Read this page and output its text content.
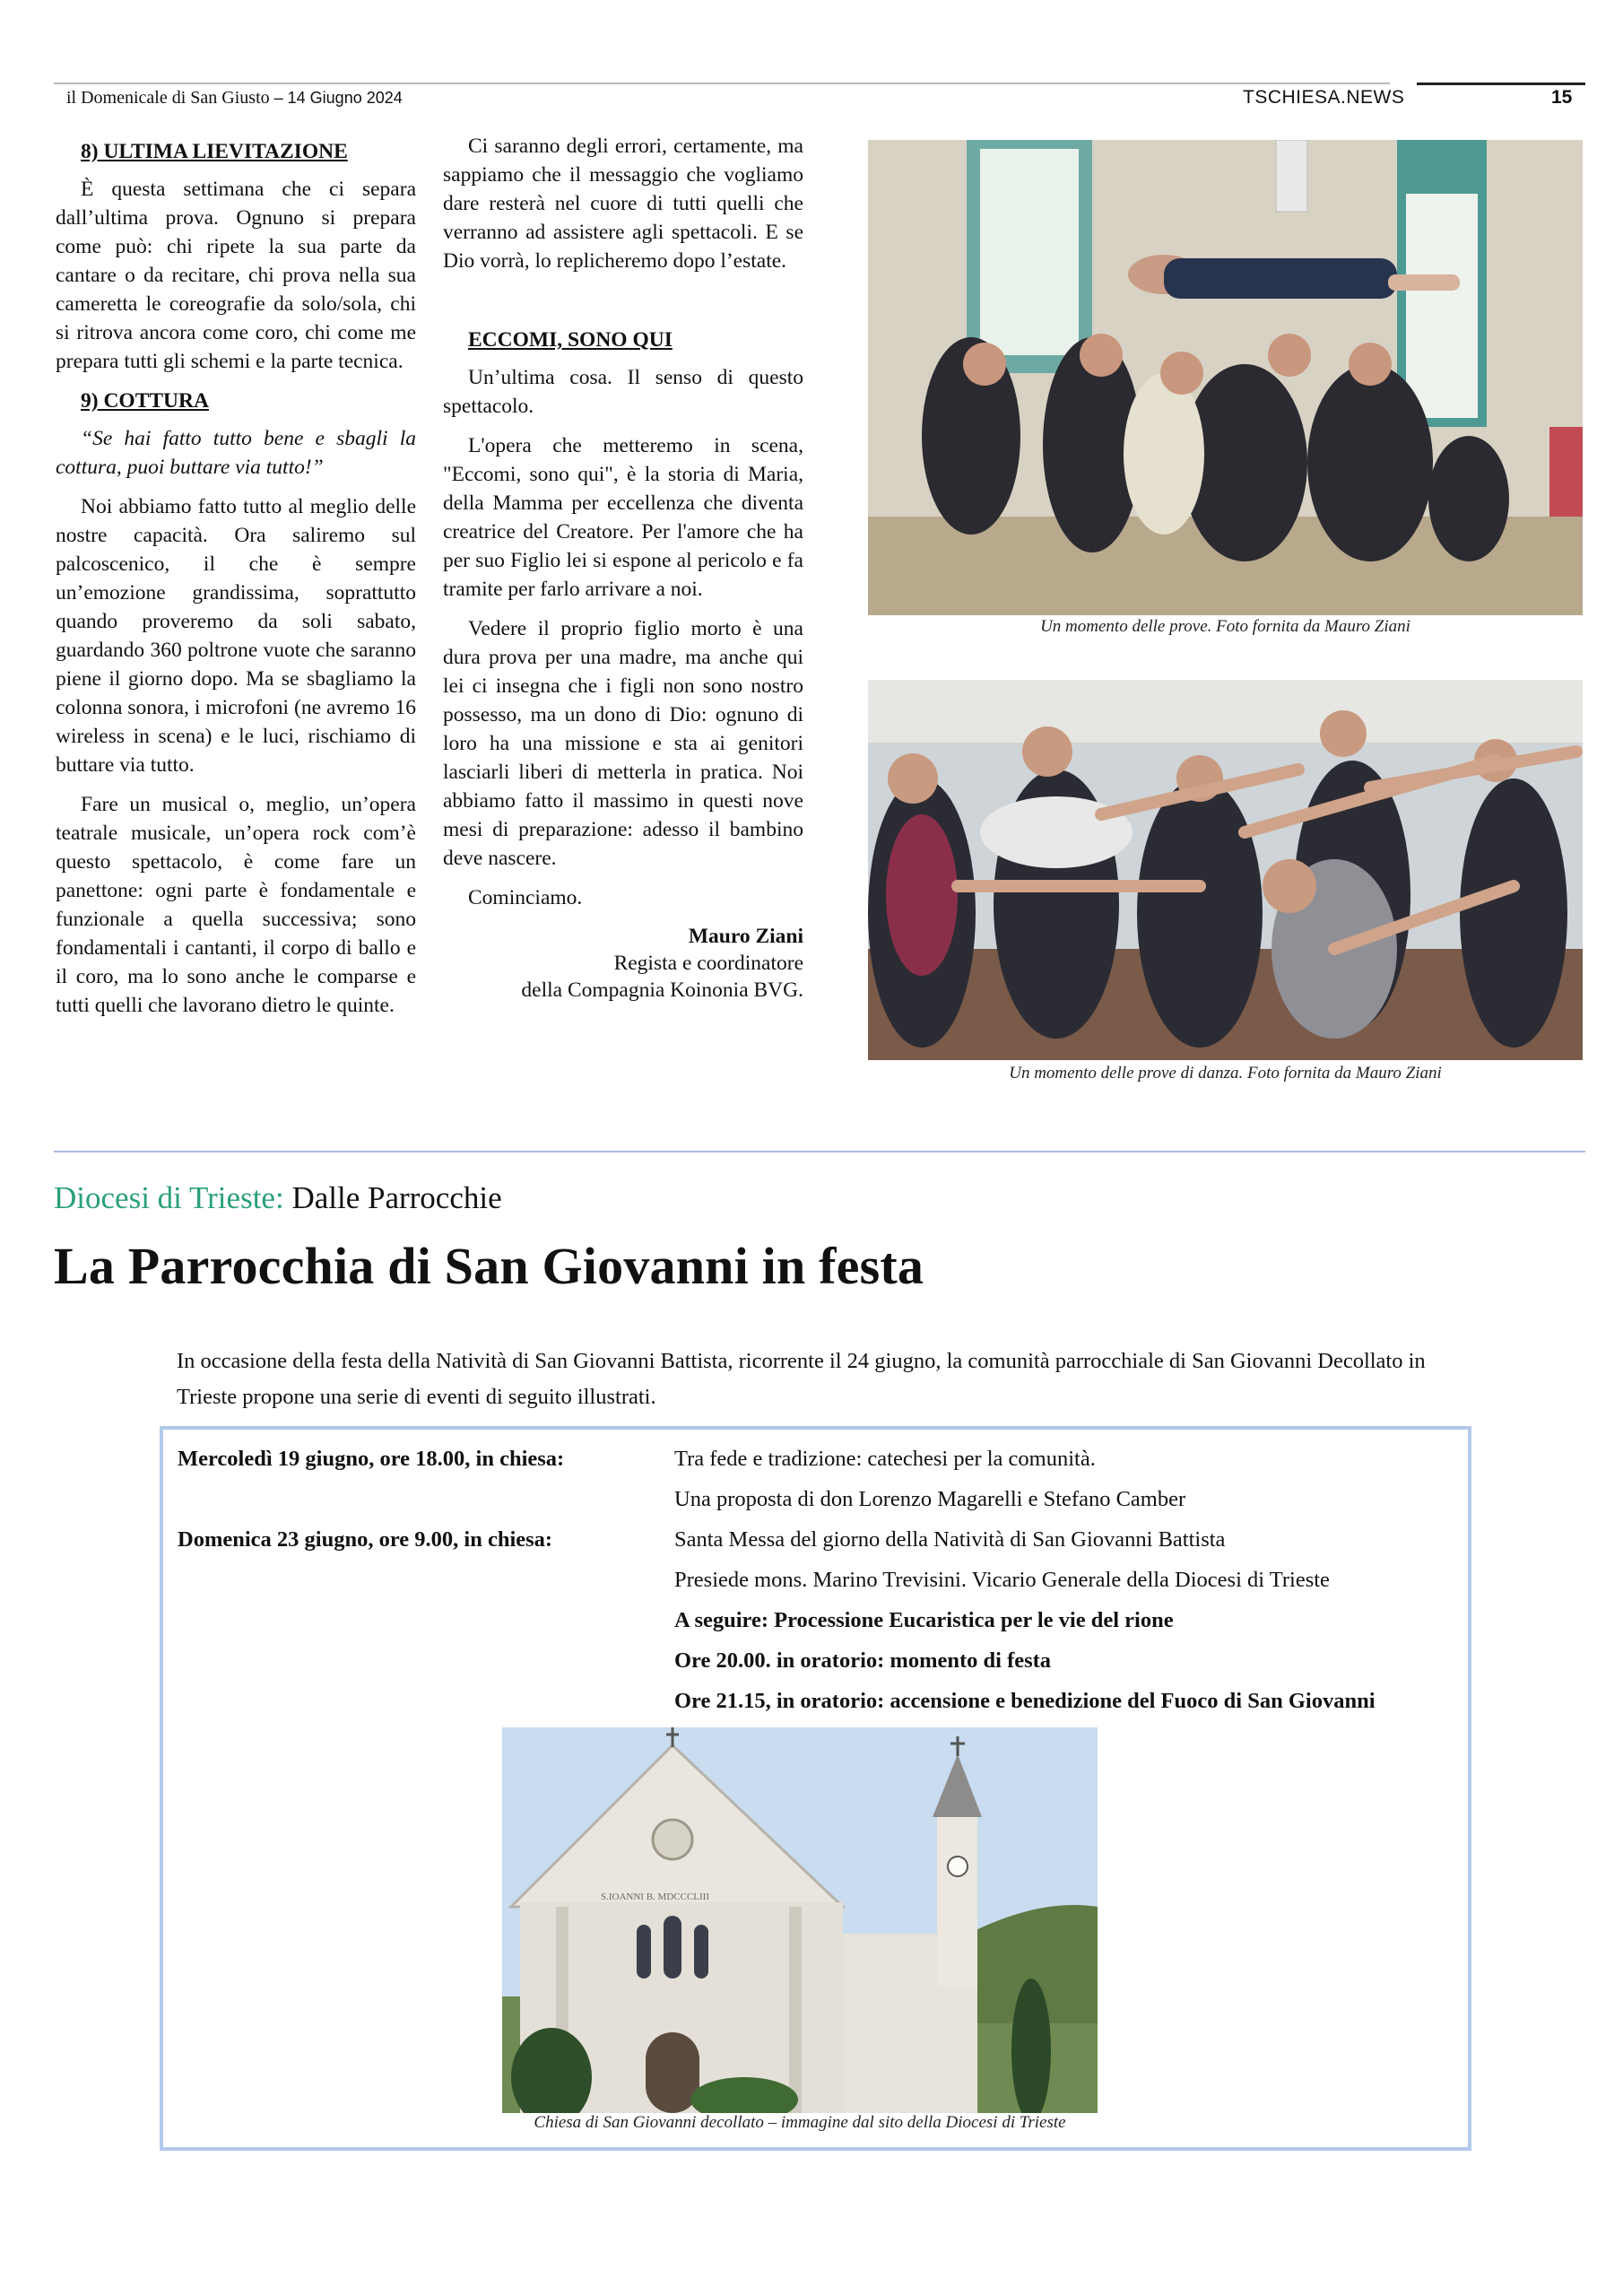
il Domenicale di San Giusto – 14 Giugno 2024	TSCHIESA.NEWS	15
8) ULTIMA LIEVITAZIONE

È questa settimana che ci separa dall’ultima prova. Ognuno si prepara come può: chi ripete la sua parte da cantare o da recitare, chi prova nella sua cameretta le coreografie da solo/sola, chi si ritrova ancora come coro, chi come me prepara tutti gli schemi e la parte tecnica.

9) COTTURA

“Se hai fatto tutto bene e sbagli la cottura, puoi buttare via tutto!”

Noi abbiamo fatto tutto al meglio delle nostre capacità. Ora saliremo sul palcoscenico, il che è sempre un’emozione grandissima, soprattutto quando proveremo da soli sabato, guardando 360 poltrone vuote che saranno piene il giorno dopo. Ma se sbagliamo la colonna sonora, i microfoni (ne avremo 16 wireless in scena) e le luci, rischiamo di buttare via tutto.

Fare un musical o, meglio, un’opera teatrale musicale, un’opera rock com’è questo spettacolo, è come fare un panettone: ogni parte è fondamentale e funzionale a quella successiva; sono fondamentali i cantanti, il corpo di ballo e il coro, ma lo sono anche le comparse e tutti quelli che lavorano dietro le quinte.

Ci saranno degli errori, certamente, ma sappiamo che il messaggio che vogliamo dare resterà nel cuore di tutti quelli che verranno ad assistere agli spettacoli. E se Dio vorrà, lo replicheremo dopo l’estate.

ECCOMI, SONO QUI

Un’ultima cosa. Il senso di questo spettacolo.

L'opera che metteremo in scena, "Eccomi, sono qui", è la storia di Maria, della Mamma per eccellenza che diventa creatrice del Creatore. Per l'amore che ha per suo Figlio lei si espone al pericolo e fa tramite per farlo arrivare a noi.

Vedere il proprio figlio morto è una dura prova per una madre, ma anche qui lei ci insegna che i figli non sono nostro possesso, ma un dono di Dio: ognuno di loro ha una missione e sta ai genitori lasciarli liberi di metterla in pratica. Noi abbiamo fatto il massimo in questi nove mesi di preparazione: adesso il bambino deve nascere.

Cominciamo.

Mauro Ziani
Regista e coordinatore
della Compagnia Koinonia BVG.
Un momento delle prove. Foto fornita da Mauro Ziani
Un momento delle prove di danza. Foto fornita da Mauro Ziani
Diocesi di Trieste: Dalle Parrocchie
La Parrocchia di San Giovanni in festa
In occasione della festa della Natività di San Giovanni Battista, ricorrente il 24 giugno, la comunità parrocchiale di San Giovanni Decollato in Trieste propone una serie di eventi di seguito illustrati.
Mercoledì 19 giugno, ore 18.00, in chiesa:	Tra fede e tradizione: catechesi per la comunità.
Una proposta di don Lorenzo Magarelli e Stefano Camber
Domenica 23 giugno, ore 9.00, in chiesa:	Santa Messa del giorno della Natività di San Giovanni Battista
Presiede mons. Marino Trevisini. Vicario Generale della Diocesi di Trieste
A seguire: Processione Eucaristica per le vie del rione
Ore 20.00. in oratorio: momento di festa
Ore 21.15, in oratorio: accensione e benedizione del Fuoco di San Giovanni
S.IOANNI B. MDCCCLIII
Chiesa di San Giovanni decollato – immagine dal sito della Diocesi di Trieste
